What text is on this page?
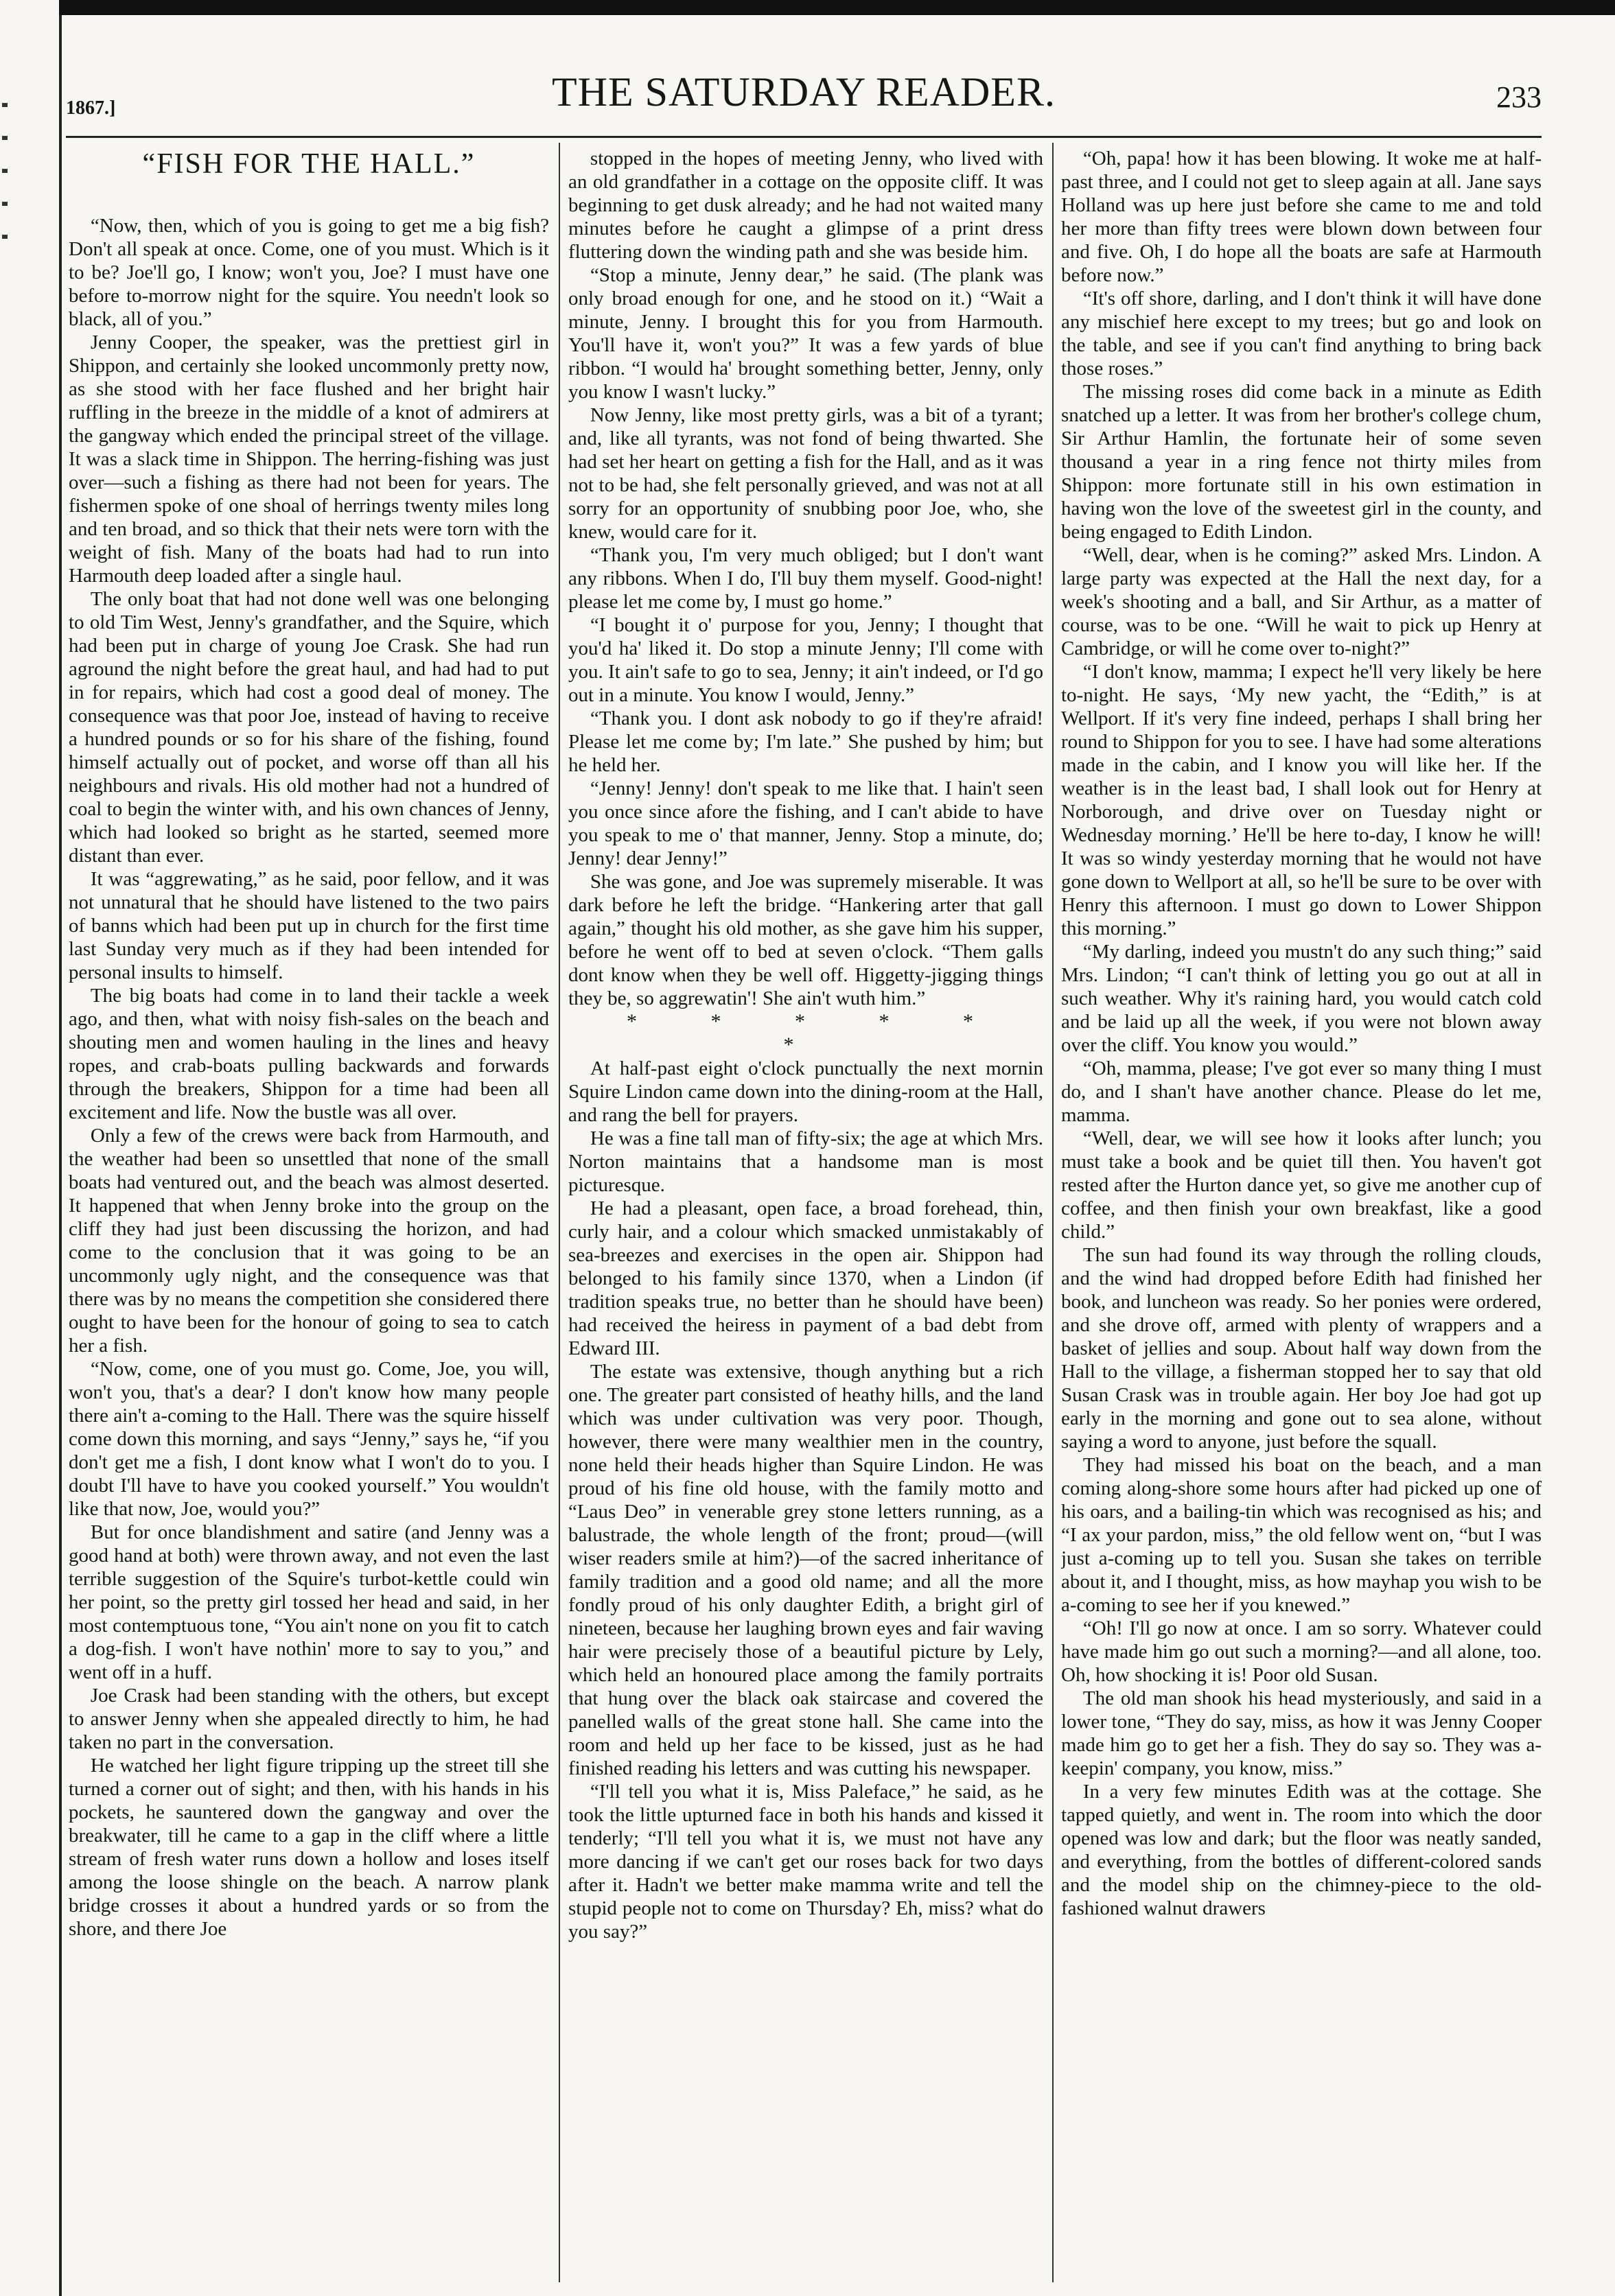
1867.]	THE SATURDAY READER.	233
“FISH FOR THE HALL.”

“Now, then, which of you is going to get me a big fish? Don't all speak at once. Come, one of you must. Which is it to be? Joe'll go, I know; won't you, Joe? I must have one before to-morrow night for the squire. You needn't look so black, all of you.”

Jenny Cooper, the speaker, was the prettiest girl in Shippon, and certainly she looked uncommonly pretty now, as she stood with her face flushed and her bright hair ruffling in the breeze in the middle of a knot of admirers at the gangway which ended the principal street of the village. It was a slack time in Shippon. The herring-fishing was just over—such a fishing as there had not been for years. The fishermen spoke of one shoal of herrings twenty miles long and ten broad, and so thick that their nets were torn with the weight of fish. Many of the boats had had to run into Harmouth deep loaded after a single haul.

The only boat that had not done well was one belonging to old Tim West, Jenny's grandfather, and the Squire, which had been put in charge of young Joe Crask. She had run aground the night before the great haul, and had had to put in for repairs, which had cost a good deal of money. The consequence was that poor Joe, instead of having to receive a hundred pounds or so for his share of the fishing, found himself actually out of pocket, and worse off than all his neighbours and rivals. His old mother had not a hundred of coal to begin the winter with, and his own chances of Jenny, which had looked so bright as he started, seemed more distant than ever.

It was “aggrewating,” as he said, poor fellow, and it was not unnatural that he should have listened to the two pairs of banns which had been put up in church for the first time last Sunday very much as if they had been intended for personal insults to himself.

The big boats had come in to land their tackle a week ago, and then, what with noisy fish-sales on the beach and shouting men and women hauling in the lines and heavy ropes, and crab-boats pulling backwards and forwards through the breakers, Shippon for a time had been all excitement and life. Now the bustle was all over.

Only a few of the crews were back from Harmouth, and the weather had been so unsettled that none of the small boats had ventured out, and the beach was almost deserted. It happened that when Jenny broke into the group on the cliff they had just been discussing the horizon, and had come to the conclusion that it was going to be an uncommonly ugly night, and the consequence was that there was by no means the competition she considered there ought to have been for the honour of going to sea to catch her a fish.

“Now, come, one of you must go. Come, Joe, you will, won't you, that's a dear? I don't know how many people there ain't a-coming to the Hall. There was the squire hisself come down this morning, and says “Jenny,” says he, “if you don't get me a fish, I dont know what I won't do to you. I doubt I'll have to have you cooked yourself.” You wouldn't like that now, Joe, would you?”

But for once blandishment and satire (and Jenny was a good hand at both) were thrown away, and not even the last terrible suggestion of the Squire's turbot-kettle could win her point, so the pretty girl tossed her head and said, in her most contemptuous tone, “You ain't none on you fit to catch a dog-fish. I won't have nothin' more to say to you,” and went off in a huff.

Joe Crask had been standing with the others, but except to answer Jenny when she appealed directly to him, he had taken no part in the conversation.

He watched her light figure tripping up the street till she turned a corner out of sight; and then, with his hands in his pockets, he sauntered down the gangway and over the breakwater, till he came to a gap in the cliff where a little stream of fresh water runs down a hollow and loses itself among the loose shingle on the beach. A narrow plank bridge crosses it about a hundred yards or so from the shore, and there Joe

stopped in the hopes of meeting Jenny, who lived with an old grandfather in a cottage on the opposite cliff. It was beginning to get dusk already; and he had not waited many minutes before he caught a glimpse of a print dress fluttering down the winding path and she was beside him.

“Stop a minute, Jenny dear,” he said. (The plank was only broad enough for one, and he stood on it.) “Wait a minute, Jenny. I brought this for you from Harmouth. You'll have it, won't you?” It was a few yards of blue ribbon. “I would ha' brought something better, Jenny, only you know I wasn't lucky.”

Now Jenny, like most pretty girls, was a bit of a tyrant; and, like all tyrants, was not fond of being thwarted. She had set her heart on getting a fish for the Hall, and as it was not to be had, she felt personally grieved, and was not at all sorry for an opportunity of snubbing poor Joe, who, she knew, would care for it.

“Thank you, I'm very much obliged; but I don't want any ribbons. When I do, I'll buy them myself. Good-night! please let me come by, I must go home.”

“I bought it o' purpose for you, Jenny; I thought that you'd ha' liked it. Do stop a minute Jenny; I'll come with you. It ain't safe to go to sea, Jenny; it ain't indeed, or I'd go out in a minute. You know I would, Jenny.”

“Thank you. I dont ask nobody to go if they're afraid! Please let me come by; I'm late.” She pushed by him; but he held her.

“Jenny! Jenny! don't speak to me like that. I hain't seen you once since afore the fishing, and I can't abide to have you speak to me o' that manner, Jenny. Stop a minute, do; Jenny! dear Jenny!”

She was gone, and Joe was supremely miserable. It was dark before he left the bridge. “Hankering arter that gall again,” thought his old mother, as she gave him his supper, before he went off to bed at seven o'clock. “Them galls dont know when they be well off. Higgetty-jigging things they be, so aggrewatin'! She ain't wuth him.”

* * * * * *

At half-past eight o'clock punctually the next mornin Squire Lindon came down into the dining-room at the Hall, and rang the bell for prayers.

He was a fine tall man of fifty-six; the age at which Mrs. Norton maintains that a handsome man is most picturesque.

He had a pleasant, open face, a broad forehead, thin, curly hair, and a colour which smacked unmistakably of sea-breezes and exercises in the open air. Shippon had belonged to his family since 1370, when a Lindon (if tradition speaks true, no better than he should have been) had received the heiress in payment of a bad debt from Edward III.

The estate was extensive, though anything but a rich one. The greater part consisted of heathy hills, and the land which was under cultivation was very poor. Though, however, there were many wealthier men in the country, none held their heads higher than Squire Lindon. He was proud of his fine old house, with the family motto and “Laus Deo” in venerable grey stone letters running, as a balustrade, the whole length of the front; proud—(will wiser readers smile at him?)—of the sacred inheritance of family tradition and a good old name; and all the more fondly proud of his only daughter Edith, a bright girl of nineteen, because her laughing brown eyes and fair waving hair were precisely those of a beautiful picture by Lely, which held an honoured place among the family portraits that hung over the black oak staircase and covered the panelled walls of the great stone hall. She came into the room and held up her face to be kissed, just as he had finished reading his letters and was cutting his newspaper.

“I'll tell you what it is, Miss Paleface,” he said, as he took the little upturned face in both his hands and kissed it tenderly; “I'll tell you what it is, we must not have any more dancing if we can't get our roses back for two days after it. Hadn't we better make mamma write and tell the stupid people not to come on Thursday? Eh, miss? what do you say?”

“Oh, papa! how it has been blowing. It woke me at half-past three, and I could not get to sleep again at all. Jane says Holland was up here just before she came to me and told her more than fifty trees were blown down between four and five. Oh, I do hope all the boats are safe at Harmouth before now.”

“It's off shore, darling, and I don't think it will have done any mischief here except to my trees; but go and look on the table, and see if you can't find anything to bring back those roses.”

The missing roses did come back in a minute as Edith snatched up a letter. It was from her brother's college chum, Sir Arthur Hamlin, the fortunate heir of some seven thousand a year in a ring fence not thirty miles from Shippon: more fortunate still in his own estimation in having won the love of the sweetest girl in the county, and being engaged to Edith Lindon.

“Well, dear, when is he coming?” asked Mrs. Lindon. A large party was expected at the Hall the next day, for a week's shooting and a ball, and Sir Arthur, as a matter of course, was to be one. “Will he wait to pick up Henry at Cambridge, or will he come over to-night?”

“I don't know, mamma; I expect he'll very likely be here to-night. He says, ‘My new yacht, the “Edith,” is at Wellport. If it's very fine indeed, perhaps I shall bring her round to Shippon for you to see. I have had some alterations made in the cabin, and I know you will like her. If the weather is in the least bad, I shall look out for Henry at Norborough, and drive over on Tuesday night or Wednesday morning.’ He'll be here to-day, I know he will! It was so windy yesterday morning that he would not have gone down to Wellport at all, so he'll be sure to be over with Henry this afternoon. I must go down to Lower Shippon this morning.”

“My darling, indeed you mustn't do any such thing;” said Mrs. Lindon; “I can't think of letting you go out at all in such weather. Why it's raining hard, you would catch cold and be laid up all the week, if you were not blown away over the cliff. You know you would.”

“Oh, mamma, please; I've got ever so many thing I must do, and I shan't have another chance. Please do let me, mamma.

“Well, dear, we will see how it looks after lunch; you must take a book and be quiet till then. You haven't got rested after the Hurton dance yet, so give me another cup of coffee, and then finish your own breakfast, like a good child.”

The sun had found its way through the rolling clouds, and the wind had dropped before Edith had finished her book, and luncheon was ready. So her ponies were ordered, and she drove off, armed with plenty of wrappers and a basket of jellies and soup. About half way down from the Hall to the village, a fisherman stopped her to say that old Susan Crask was in trouble again. Her boy Joe had got up early in the morning and gone out to sea alone, without saying a word to anyone, just before the squall.

They had missed his boat on the beach, and a man coming along-shore some hours after had picked up one of his oars, and a bailing-tin which was recognised as his; and “I ax your pardon, miss,” the old fellow went on, “but I was just a-coming up to tell you. Susan she takes on terrible about it, and I thought, miss, as how mayhap you wish to be a-coming to see her if you knewed.”

“Oh! I'll go now at once. I am so sorry. Whatever could have made him go out such a morning?—and all alone, too. Oh, how shocking it is! Poor old Susan.

The old man shook his head mysteriously, and said in a lower tone, “They do say, miss, as how it was Jenny Cooper made him go to get her a fish. They do say so. They was a-keepin' company, you know, miss.”

In a very few minutes Edith was at the cottage. She tapped quietly, and went in. The room into which the door opened was low and dark; but the floor was neatly sanded, and everything, from the bottles of different-colored sands and the model ship on the chimney-piece to the old-fashioned walnut drawers
